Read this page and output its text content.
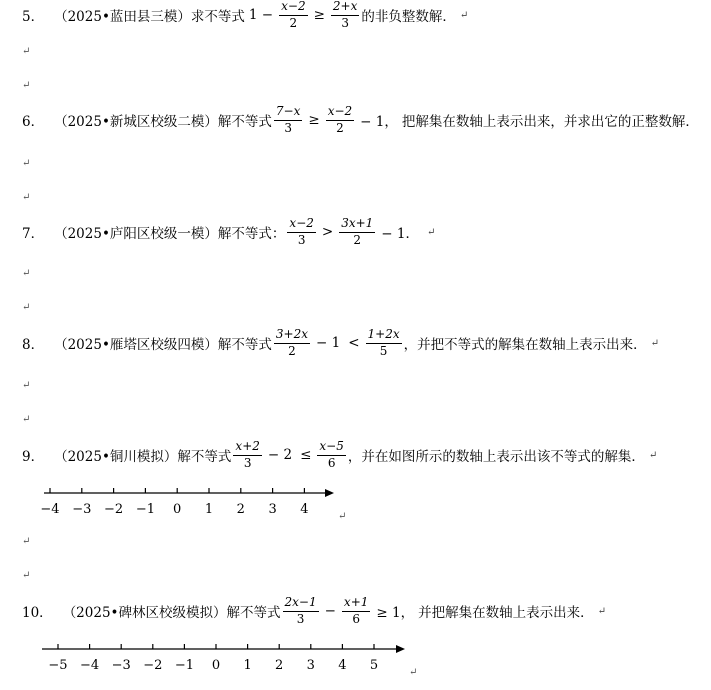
5． （2025•蓝田县三模） 求不等式 $1 - \frac{x-2}{2} \ge \frac{2+x}{3}$ 的非负整数解． ↵
↵
↵
6． （2025•新城区校级二模） 解不等式 $\frac{7-x}{3} \ge \frac{x-2}{2} - 1$， 把解集在数轴上表示出来，并求出它的正整数解．
↵
↵
7． （2025•庐阳区校级一模） 解不等式： $\frac{x-2}{3} > \frac{3x+1}{2} - 1$． ↵
↵
↵
8． （2025•雁塔区校级四模） 解不等式 $\frac{3+2x}{2} - 1 < \frac{1+2x}{5}$ ，并把不等式的解集在数轴上表示出来． ↵
↵
↵
9． （2025•铜川模拟） 解不等式 $\frac{x+2}{3} - 2 \le \frac{x-5}{6}$ ，并在如图所示的数轴上表示出该不等式的解集． ↵
−4 −3 −2 −1 0 1 2 3 4	↵
↵
↵
10． （2025•碑林区校级模拟） 解不等式 $\frac{2x-1}{3} - \frac{x+1}{6} \ge 1$， 并把解集在数轴上表示出来． ↵
−5 −4 −3 −2 −1 0 1 2 3 4 5	↵
